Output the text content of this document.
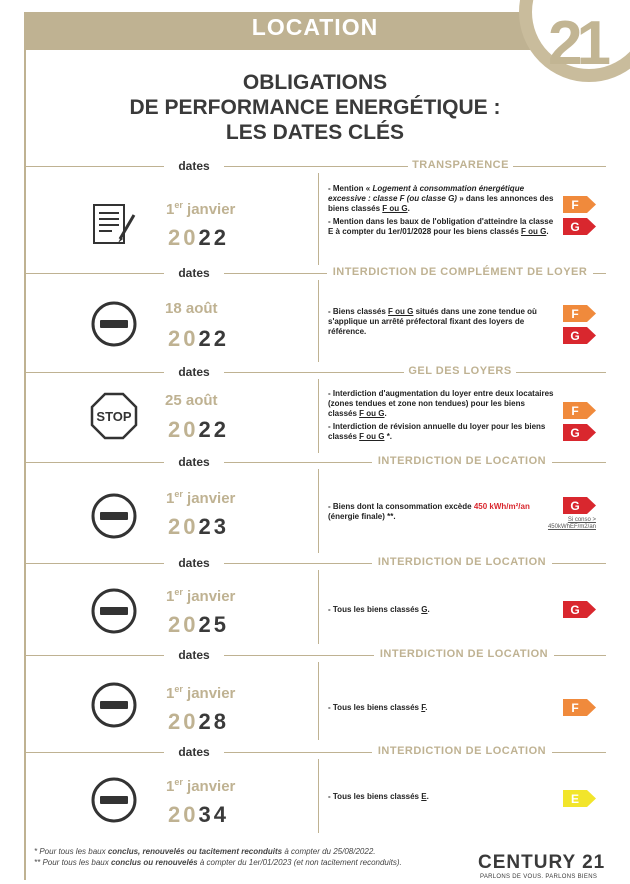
LOCATION	21
OBLIGATIONS
DE PERFORMANCE ENERGÉTIQUE :
LES DATES CLÉS
dates	TRANSPARENCE
1er janvier
2022
- Mention « Logement à consommation énergétique excessive : classe F (ou classe G) » dans les annonces des biens classés F ou G.
- Mention dans les baux de l'obligation d'atteindre la classe E à compter du 1er/01/2028 pour les biens classés F ou G.
F
G
dates	INTERDICTION DE COMPLÉMENT DE LOYER
18 août
2022
- Biens classés F ou G situés dans une zone tendue où s'applique un arrêté préfectoral fixant des loyers de référence.
F
G
dates	GEL DES LOYERS
STOP
25 août
2022
- Interdiction d'augmentation du loyer entre deux locataires (zones tendues et zone non tendues) pour les biens classés F ou G.
- Interdiction de révision annuelle du loyer pour les biens classés F ou G *.
F
G
dates	INTERDICTION DE LOCATION
1er janvier
2023
- Biens dont la consommation excède 450 kWh/m²/an (énergie finale) **.
G
Si conso > 450kWhEF/m2/an
dates	INTERDICTION DE LOCATION
1er janvier
2025
- Tous les biens classés G.	G
dates	INTERDICTION DE LOCATION
1er janvier
2028
- Tous les biens classés F.	F
dates	INTERDICTION DE LOCATION
1er janvier
2034
- Tous les biens classés E.	E
* Pour tous les baux conclus, renouvelés ou tacitement reconduits à compter du 25/08/2022.
** Pour tous les baux conclus ou renouvelés à compter du 1er/01/2023 (et non tacitement reconduits).	CENTURY 21
PARLONS DE VOUS. PARLONS BIENS
